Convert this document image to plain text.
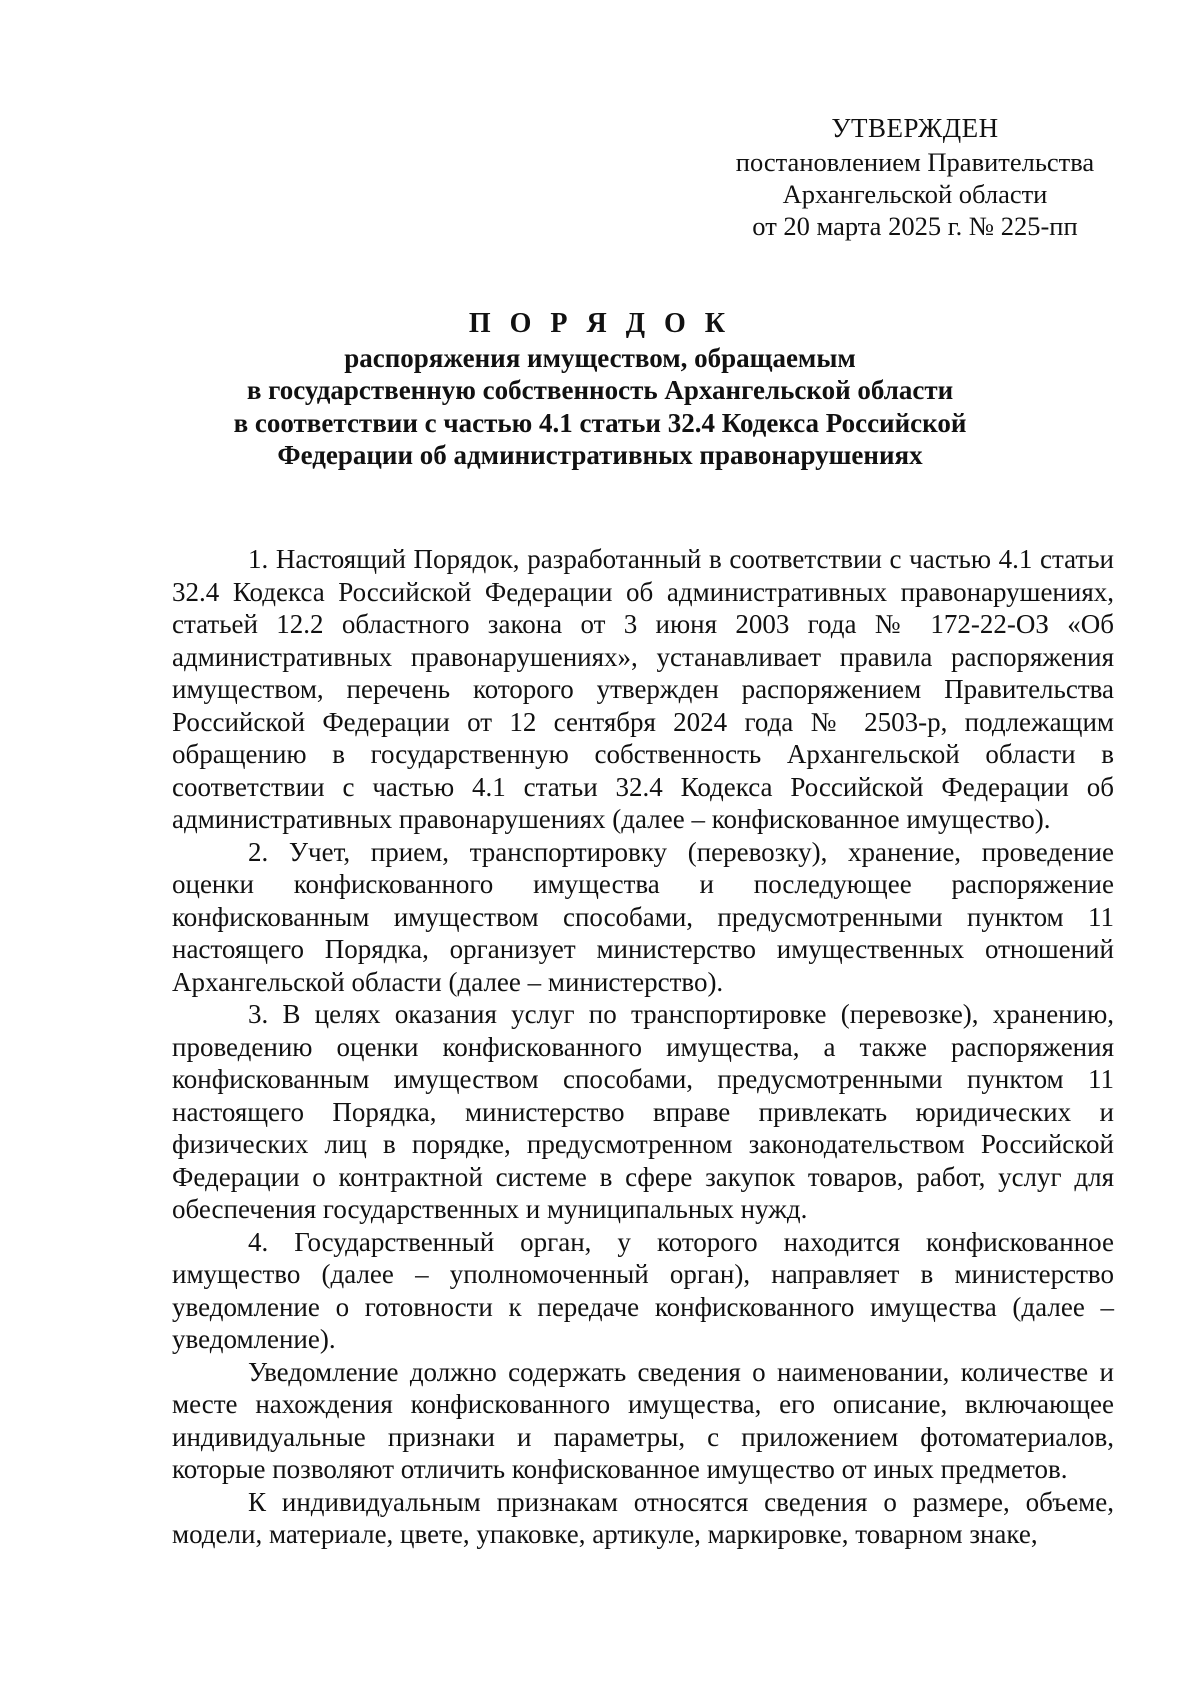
УТВЕРЖДЕН
постановлением Правительства
Архангельской области
от 20 марта 2025 г. № 225-пп
П О Р Я Д О К
распоряжения имуществом, обращаемым
в государственную собственность Архангельской области
в соответствии с частью 4.1 статьи 32.4 Кодекса Российской
Федерации об административных правонарушениях

1. Настоящий Порядок, разработанный в соответствии с частью 4.1 статьи 32.4 Кодекса Российской Федерации об административных правонарушениях, статьей 12.2 областного закона от 3 июня 2003 года № 172-22-ОЗ «Об административных правонарушениях», устанавливает правила распоряжения имуществом, перечень которого утвержден распоряжением Правительства Российской Федерации от 12 сентября 2024 года № 2503-р, подлежащим обращению в государственную собственность Архангельской области в соответствии с частью 4.1 статьи 32.4 Кодекса Российской Федерации об административных правонарушениях (далее – конфискованное имущество).

2. Учет, прием, транспортировку (перевозку), хранение, проведение оценки конфискованного имущества и последующее распоряжение конфискованным имуществом способами, предусмотренными пунктом 11 настоящего Порядка, организует министерство имущественных отношений Архангельской области (далее – министерство).

3. В целях оказания услуг по транспортировке (перевозке), хранению, проведению оценки конфискованного имущества, а также распоряжения конфискованным имуществом способами, предусмотренными пунктом 11 настоящего Порядка, министерство вправе привлекать юридических и физических лиц в порядке, предусмотренном законодательством Российской Федерации о контрактной системе в сфере закупок товаров, работ, услуг для обеспечения государственных и муниципальных нужд.

4. Государственный орган, у которого находится конфискованное имущество (далее – уполномоченный орган), направляет в министерство уведомление о готовности к передаче конфискованного имущества (далее – уведомление).

Уведомление должно содержать сведения о наименовании, количестве и месте нахождения конфискованного имущества, его описание, включающее индивидуальные признаки и параметры, с приложением фотоматериалов, которые позволяют отличить конфискованное имущество от иных предметов.

К индивидуальным признакам относятся сведения о размере, объеме, модели, материале, цвете, упаковке, артикуле, маркировке, товарном знаке,
